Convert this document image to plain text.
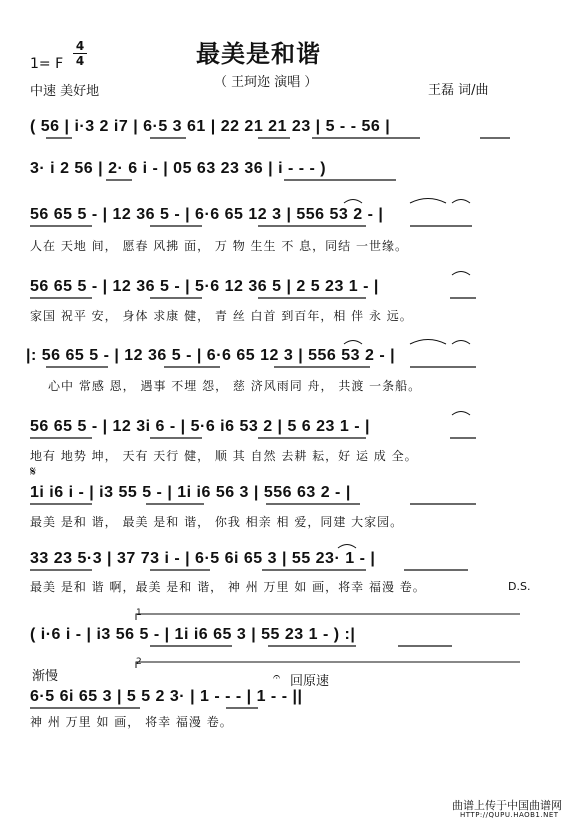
最美是和谐
1= F
4
4
中速 美好地
（ 王珂迩 演唱 ）
王磊 词/曲
( 56 | i·3 2 i7 | 6·5 3 61 | 22 21 21 23 | 5 - - 56 |
3· i 2 56 | 2· 6 i - | 05 63 23 36 | i - - - )
56 65 5 - | 12 36 5 - | 6·6 65 12 3 | 556 53 2 - |
人在 天地 间， 愿春 风拂 面， 万 物 生生 不 息，同结 一世缘。
56 65 5 - | 12 36 5 - | 5·6 12 36 5 | 2 5 23 1 - |
家国 祝平 安， 身体 求康 健， 青 丝 白首 到百年，相 伴 永 远。
|: 56 65 5 - | 12 36 5 - | 6·6 65 12 3 | 556 53 2 - |
心中 常感 恩， 遇事 不埋 怨， 慈 济风雨同 舟， 共渡 一条船。
56 65 5 - | 12 3i 6 - | 5·6 i6 53 2 | 5 6 23 1 - |
地有 地势 坤， 天有 天行 健， 顺 其 自然 去耕 耘，好 运 成 全。
𝄋
1i i6 i - | i3 55 5 - | 1i i6 56 3 | 556 63 2 - |
最美 是和 谐， 最美 是和 谐， 你我 相亲 相 爱，同建 大家园。
33 23 5·3 | 37 73 i - | 6·5 6i 65 3 | 55 23· 1 - |
最美 是和 谐 啊，最美 是和 谐， 神 州 万里 如 画，将幸 福漫 卷。	D.S.
1
( i·6 i - | i3 56 5 - | 1i i6 65 3 | 55 23 1 - ) :|
渐慢
2
𝄐 回原速
6·5 6i 65 3 | 5 5 2 3· | 1 - - - | 1 - - ||
神 州 万里 如 画， 将幸 福漫 卷。
曲谱上传于中国曲谱网
HTTP://QUPU.HAOB1.NET
